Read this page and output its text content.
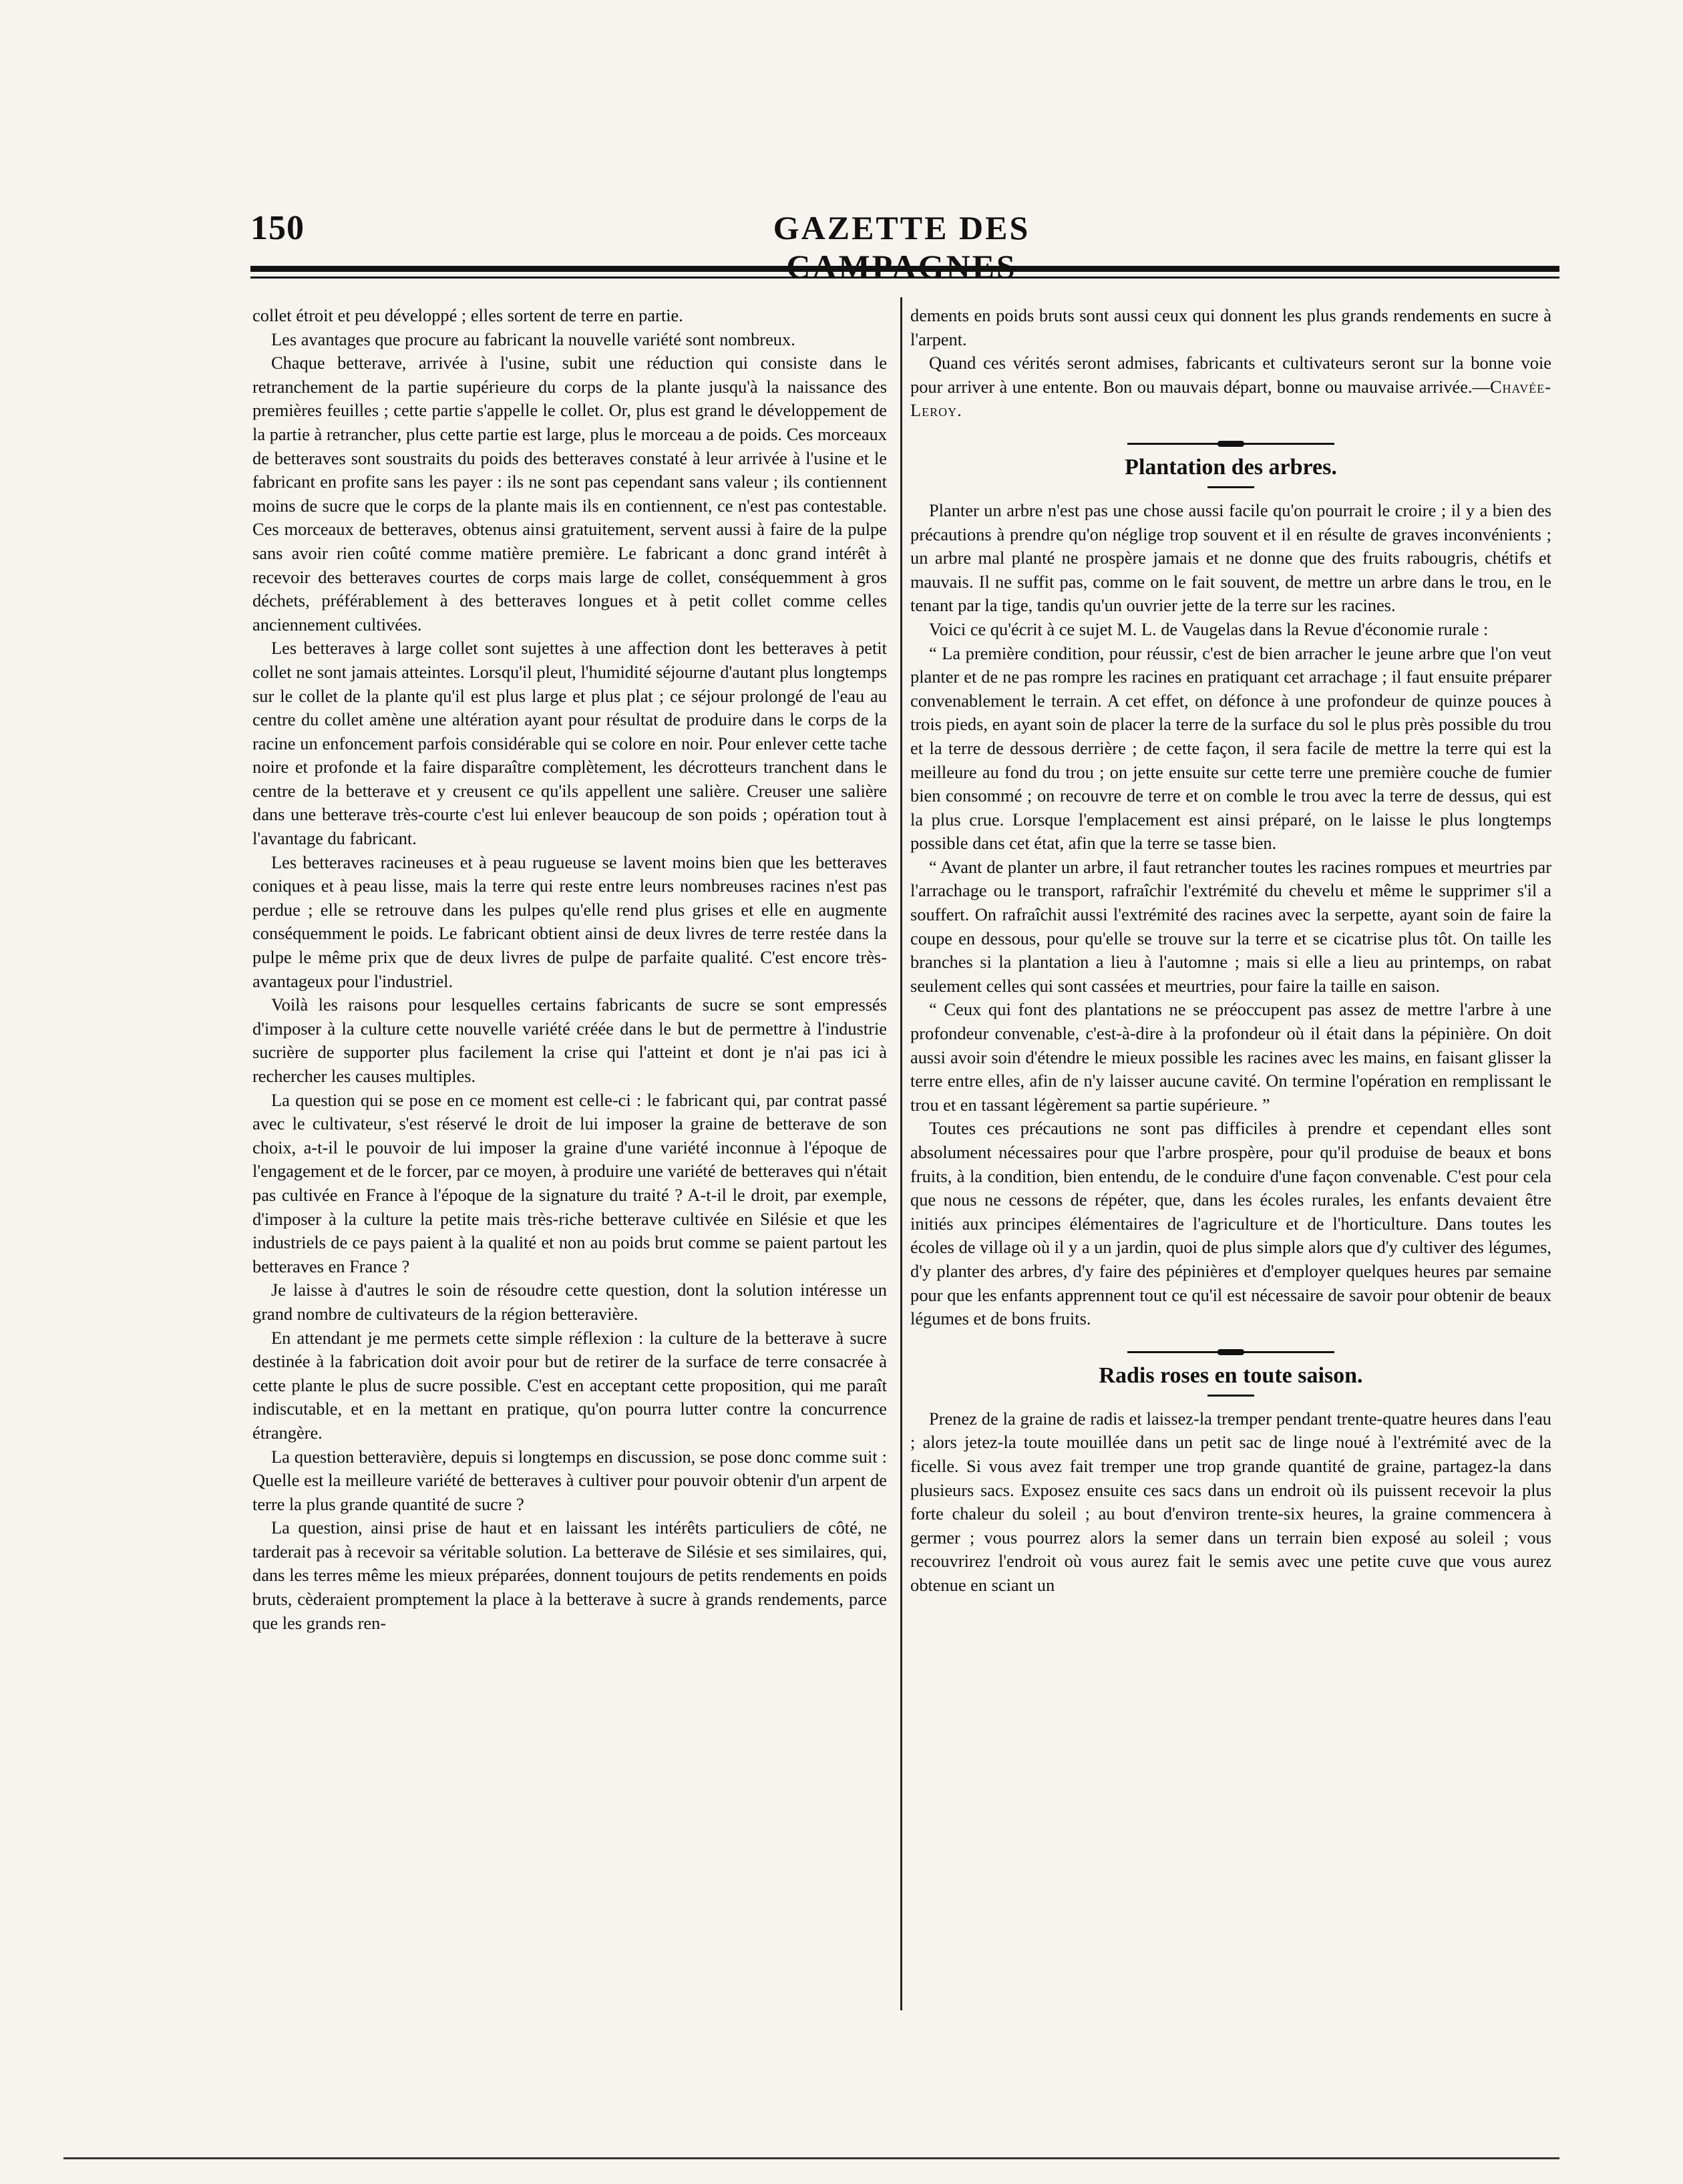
150	GAZETTE DES

collet étroit et peu développé ; elles sortent de terre en partie.

Les avantages que procure au fabricant la nouvelle variété sont nombreux.

Chaque betterave, arrivée à l'usine, subit une réduction qui consiste dans le retranchement de la partie supérieure du corps de la plante jusqu'à la naissance des premières feuilles ; cette partie s'appelle le collet. Or, plus est grand le développement de la partie à retrancher, plus cette partie est large, plus le morceau a de poids. Ces morceaux de betteraves sont soustraits du poids des betteraves constaté à leur arrivée à l'usine et le fabricant en profite sans les payer : ils ne sont pas cependant sans valeur ; ils contiennent moins de sucre que le corps de la plante mais ils en contiennent, ce n'est pas contestable. Ces morceaux de betteraves, obtenus ainsi gratuitement, servent aussi à faire de la pulpe sans avoir rien coûté comme matière première. Le fabricant a donc grand intérêt à recevoir des betteraves courtes de corps mais large de collet, conséquemment à gros déchets, préférablement à des betteraves longues et à petit collet comme celles anciennement cultivées.

Les betteraves à large collet sont sujettes à une affection dont les betteraves à petit collet ne sont jamais atteintes. Lorsqu'il pleut, l'humidité séjourne d'autant plus longtemps sur le collet de la plante qu'il est plus large et plus plat ; ce séjour prolongé de l'eau au centre du collet amène une altération ayant pour résultat de produire dans le corps de la racine un enfoncement parfois considérable qui se colore en noir. Pour enlever cette tache noire et profonde et la faire disparaître complètement, les décrotteurs tranchent dans le centre de la betterave et y creusent ce qu'ils appellent une salière. Creuser une salière dans une betterave très-courte c'est lui enlever beaucoup de son poids ; opération tout à l'avantage du fabricant.

Les betteraves racineuses et à peau rugueuse se lavent moins bien que les betteraves coniques et à peau lisse, mais la terre qui reste entre leurs nombreuses racines n'est pas perdue ; elle se retrouve dans les pulpes qu'elle rend plus grises et elle en augmente conséquemment le poids. Le fabricant obtient ainsi de deux livres de terre restée dans la pulpe le même prix que de deux livres de pulpe de parfaite qualité. C'est encore très-avantageux pour l'industriel.

Voilà les raisons pour lesquelles certains fabricants de sucre se sont empressés d'imposer à la culture cette nouvelle variété créée dans le but de permettre à l'industrie sucrière de supporter plus facilement la crise qui l'atteint et dont je n'ai pas ici à rechercher les causes multiples.

La question qui se pose en ce moment est celle-ci : le fabricant qui, par contrat passé avec le cultivateur, s'est réservé le droit de lui imposer la graine de betterave de son choix, a-t-il le pouvoir de lui imposer la graine d'une variété inconnue à l'époque de l'engagement et de le forcer, par ce moyen, à produire une variété de betteraves qui n'était pas cultivée en France à l'époque de la signature du traité ? A-t-il le droit, par exemple, d'imposer à la culture la petite mais très-riche betterave cultivée en Silésie et que les industriels de ce pays paient à la qualité et non au poids brut comme se paient partout les betteraves en France ?

Je laisse à d'autres le soin de résoudre cette question, dont la solution intéresse un grand nombre de cultivateurs de la région betteravière.

En attendant je me permets cette simple réflexion : la culture de la betterave à sucre destinée à la fabrication doit avoir pour but de retirer de la surface de terre consacrée à cette plante le plus de sucre possible. C'est en acceptant cette proposition, qui me paraît indiscutable, et en la mettant en pratique, qu'on pourra lutter contre la concurrence étrangère.

La question betteravière, depuis si longtemps en discussion, se pose donc comme suit : Quelle est la meilleure variété de betteraves à cultiver pour pouvoir obtenir d'un arpent de terre la plus grande quantité de sucre ?

La question, ainsi prise de haut et en laissant les intérêts particuliers de côté, ne tarderait pas à recevoir sa véritable solution. La betterave de Silésie et ses similaires, qui, dans les terres même les mieux préparées, donnent toujours de petits rendements en poids bruts, cèderaient promptement la place à la betterave à sucre à grands rendements, parce que les grands ren-

dements en poids bruts sont aussi ceux qui donnent les plus grands rendements en sucre à l'arpent.

Quand ces vérités seront admises, fabricants et cultivateurs seront sur la bonne voie pour arriver à une entente. Bon ou mauvais départ, bonne ou mauvaise arrivée.—Chavée-Leroy.

Plantation des arbres.

Planter un arbre n'est pas une chose aussi facile qu'on pourrait le croire ; il y a bien des précautions à prendre qu'on néglige trop souvent et il en résulte de graves inconvénients ; un arbre mal planté ne prospère jamais et ne donne que des fruits rabougris, chétifs et mauvais. Il ne suffit pas, comme on le fait souvent, de mettre un arbre dans le trou, en le tenant par la tige, tandis qu'un ouvrier jette de la terre sur les racines.

Voici ce qu'écrit à ce sujet M. L. de Vaugelas dans la Revue d'économie rurale :

“ La première condition, pour réussir, c'est de bien arracher le jeune arbre que l'on veut planter et de ne pas rompre les racines en pratiquant cet arrachage ; il faut ensuite préparer convenablement le terrain. A cet effet, on défonce à une profondeur de quinze pouces à trois pieds, en ayant soin de placer la terre de la surface du sol le plus près possible du trou et la terre de dessous derrière ; de cette façon, il sera facile de mettre la terre qui est la meilleure au fond du trou ; on jette ensuite sur cette terre une première couche de fumier bien consommé ; on recouvre de terre et on comble le trou avec la terre de dessus, qui est la plus crue. Lorsque l'emplacement est ainsi préparé, on le laisse le plus longtemps possible dans cet état, afin que la terre se tasse bien.

“ Avant de planter un arbre, il faut retrancher toutes les racines rompues et meurtries par l'arrachage ou le transport, rafraîchir l'extrémité du chevelu et même le supprimer s'il a souffert. On rafraîchit aussi l'extrémité des racines avec la serpette, ayant soin de faire la coupe en dessous, pour qu'elle se trouve sur la terre et se cicatrise plus tôt. On taille les branches si la plantation a lieu à l'automne ; mais si elle a lieu au printemps, on rabat seulement celles qui sont cassées et meurtries, pour faire la taille en saison.

“ Ceux qui font des plantations ne se préoccupent pas assez de mettre l'arbre à une profondeur convenable, c'est-à-dire à la profondeur où il était dans la pépinière. On doit aussi avoir soin d'étendre le mieux possible les racines avec les mains, en faisant glisser la terre entre elles, afin de n'y laisser aucune cavité. On termine l'opération en remplissant le trou et en tassant légèrement sa partie supérieure. ”

Toutes ces précautions ne sont pas difficiles à prendre et cependant elles sont absolument nécessaires pour que l'arbre prospère, pour qu'il produise de beaux et bons fruits, à la condition, bien entendu, de le conduire d'une façon convenable. C'est pour cela que nous ne cessons de répéter, que, dans les écoles rurales, les enfants devaient être initiés aux principes élémentaires de l'agriculture et de l'horticulture. Dans toutes les écoles de village où il y a un jardin, quoi de plus simple alors que d'y cultiver des légumes, d'y planter des arbres, d'y faire des pépinières et d'employer quelques heures par semaine pour que les enfants apprennent tout ce qu'il est nécessaire de savoir pour obtenir de beaux légumes et de bons fruits.

Radis roses en toute saison.

Prenez de la graine de radis et laissez-la tremper pendant trente-quatre heures dans l'eau ; alors jetez-la toute mouillée dans un petit sac de linge noué à l'extrémité avec de la ficelle. Si vous avez fait tremper une trop grande quantité de graine, partagez-la dans plusieurs sacs. Exposez ensuite ces sacs dans un endroit où ils puissent recevoir la plus forte chaleur du soleil ; au bout d'environ trente-six heures, la graine commencera à germer ; vous pourrez alors la semer dans un terrain bien exposé au soleil ; vous recouvrirez l'endroit où vous aurez fait le semis avec une petite cuve que vous aurez obtenue en sciant un
